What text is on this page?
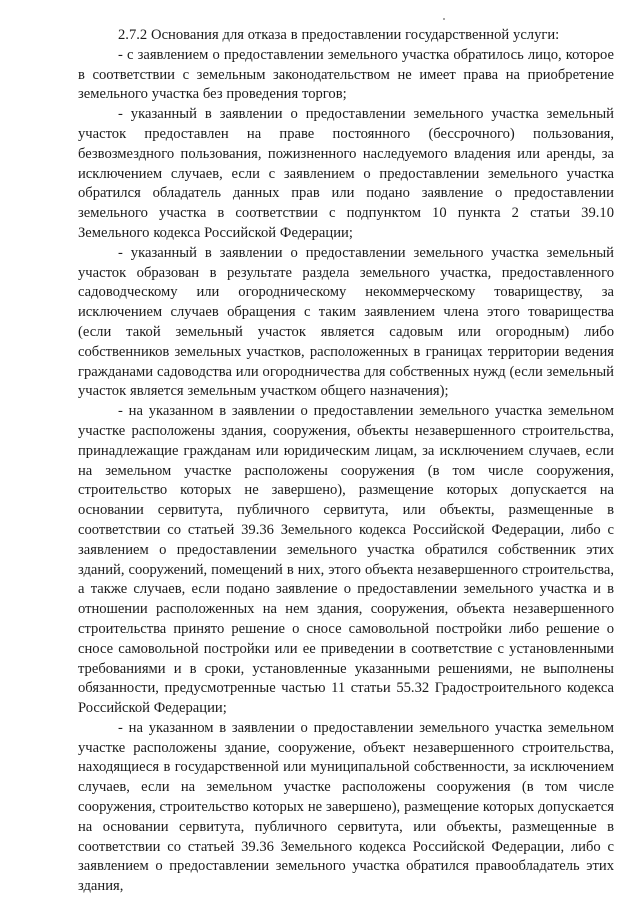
2.7.2 Основания для отказа в предоставлении государственной услуги:

- с заявлением о предоставлении земельного участка обратилось лицо, которое в соответствии с земельным законодательством не имеет права на приобретение земельного участка без проведения торгов;

- указанный в заявлении о предоставлении земельного участка земельный участок предоставлен на праве постоянного (бессрочного) пользования, безвозмездного пользования, пожизненного наследуемого владения или аренды, за исключением случаев, если с заявлением о предоставлении земельного участка обратился обладатель данных прав или подано заявление о предоставлении земельного участка в соответствии с подпунктом 10 пункта 2 статьи 39.10 Земельного кодекса Российской Федерации;

- указанный в заявлении о предоставлении земельного участка земельный участок образован в результате раздела земельного участка, предоставленного садоводческому или огородническому некоммерческому товариществу, за исключением случаев обращения с таким заявлением члена этого товарищества (если такой земельный участок является садовым или огородным) либо собственников земельных участков, расположенных в границах территории ведения гражданами садоводства или огородничества для собственных нужд (если земельный участок является земельным участком общего назначения);

- на указанном в заявлении о предоставлении земельного участка земельном участке расположены здания, сооружения, объекты незавершенного строительства, принадлежащие гражданам или юридическим лицам, за исключением случаев, если на земельном участке расположены сооружения (в том числе сооружения, строительство которых не завершено), размещение которых допускается на основании сервитута, публичного сервитута, или объекты, размещенные в соответствии со статьей 39.36 Земельного кодекса Российской Федерации, либо с заявлением о предоставлении земельного участка обратился собственник этих зданий, сооружений, помещений в них, этого объекта незавершенного строительства, а также случаев, если подано заявление о предоставлении земельного участка и в отношении расположенных на нем здания, сооружения, объекта незавершенного строительства принято решение о сносе самовольной постройки либо решение о сносе самовольной постройки или ее приведении в соответствие с установленными требованиями и в сроки, установленные указанными решениями, не выполнены обязанности, предусмотренные частью 11 статьи 55.32 Градостроительного кодекса Российской Федерации;

- на указанном в заявлении о предоставлении земельного участка земельном участке расположены здание, сооружение, объект незавершенного строительства, находящиеся в государственной или муниципальной собственности, за исключением случаев, если на земельном участке расположены сооружения (в том числе сооружения, строительство которых не завершено), размещение которых допускается на основании сервитута, публичного сервитута, или объекты, размещенные в соответствии со статьей 39.36 Земельного кодекса Российской Федерации, либо с заявлением о предоставлении земельного участка обратился правообладатель этих здания,
